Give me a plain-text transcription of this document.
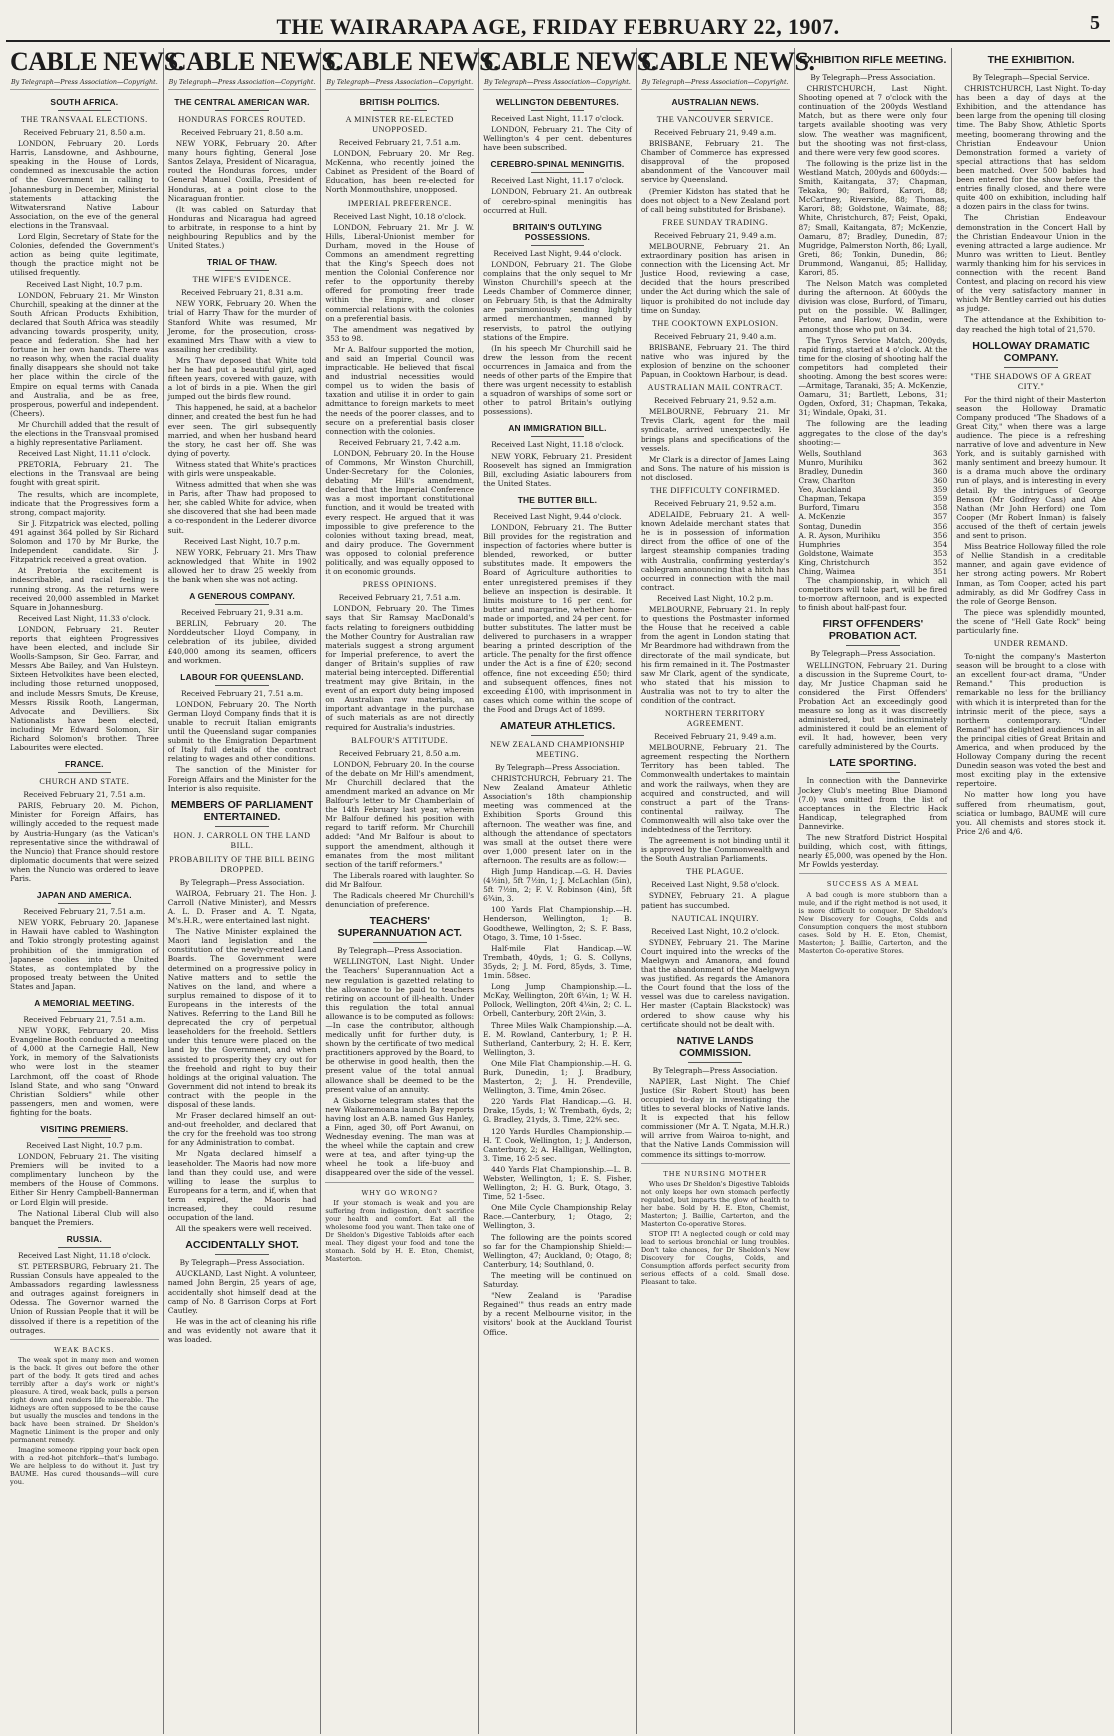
THE WAIRARAPA AGE, FRIDAY FEBRUARY 22, 1907.	5
CABLE NEWS.
By Telegraph—Press Association—Copyright.
SOUTH AFRICA.
THE TRANSVAAL ELECTIONS.
Received February 21, 8.50 a.m.

LONDON, February 20. Lords Harris, Lansdowne, and Ashbourne, speaking in the House of Lords, condemned as inexcusable the action of the Government in calling to Johannesburg in December, Ministerial statements attacking the Witwatersrand Native Labour Association, on the eve of the general elections in the Transvaal.

Lord Elgin, Secretary of State for the Colonies, defended the Government's action as being quite legitimate, though the practice might not be utilised frequently.

Received Last Night, 10.7 p.m.

LONDON, February 21. Mr Winston Churchill, speaking at the dinner at the South African Products Exhibition, declared that South Africa was steadily advancing towards prosperity, unity, peace and federation. She had her fortune in her own hands. There was no reason why, when the racial duality finally disappears she should not take her place within the circle of the Empire on equal terms with Canada and Australia, and be as free, prosperous, powerful and independent. (Cheers).

Mr Churchill added that the result of the elections in the Transvaal promised a highly representative Parliament.

Received Last Night, 11.11 o'clock.

PRETORIA, February 21. The elections in the Transvaal are being fought with great spirit.

The results, which are incomplete, indicate that the Progressives form a strong, compact majority.

Sir J. Fitzpatrick was elected, polling 491 against 364 polled by Sir Richard Solomon and 170 by Mr Burke, the Independent candidate. Sir J. Fitzpatrick received a great ovation.

At Pretoria the excitement is indescribable, and racial feeling is running strong. As the returns were received 20,000 assembled in Market Square in Johannesburg.

Received Last Night, 11.33 o'clock.

LONDON, February 21. Reuter reports that eighteen Progressives have been elected, and include Sir Woolls-Sampson, Sir Geo. Farrar, and Messrs Abe Bailey, and Van Hulsteyn. Sixteen Hetvolkites have been elected, including those returned unopposed, and include Messrs Smuts, De Kreuse, Messrs Rissik Rooth, Langerman, Advocate and Devilliers. Six Nationalists have been elected, including Mr Edward Solomon, Sir Richard Solomon's brother. Three Labourites were elected.

FRANCE.
CHURCH AND STATE.
Received February 21, 7.51 a.m.

PARIS, February 20. M. Pichon, Minister for Foreign Affairs, has willingly acceded to the request made by Austria-Hungary (as the Vatican's representative since the withdrawal of the Nuncio) that France should restore diplomatic documents that were seized when the Nuncio was ordered to leave Paris.

JAPAN AND AMERICA.
Received February 21, 7.51 a.m.

NEW YORK, February 20. Japanese in Hawaii have cabled to Washington and Tokio strongly protesting against prohibition of the immigration of Japanese coolies into the United States, as contemplated by the proposed treaty between the United States and Japan.

A MEMORIAL MEETING.
Received February 21, 7.51 a.m.

NEW YORK, February 20. Miss Evangeline Booth conducted a meeting of 4,000 at the Carnegie Hall, New York, in memory of the Salvationists who were lost in the steamer Larchmont, off the coast of Rhode Island State, and who sang "Onward Christian Soldiers" while other passengers, men and women, were fighting for the boats.

VISITING PREMIERS.
Received Last Night, 10.7 p.m.

LONDON, February 21. The visiting Premiers will be invited to a complimentary luncheon by the members of the House of Commons. Either Sir Henry Campbell-Bannerman or Lord Elgin will preside.

The National Liberal Club will also banquet the Premiers.

RUSSIA.
Received Last Night, 11.18 o'clock.

ST. PETERSBURG, February 21. The Russian Consuls have appealed to the Ambassadors regarding lawlessness and outrages against foreigners in Odessa. The Governor warned the Union of Russian People that it will be dissolved if there is a repetition of the outrages.

WEAK BACKS.

The weak spot in many men and women is the back. It gives out before the other part of the body. It gets tired and aches terribly after a day's work or night's pleasure. A tired, weak back, pulls a person right down and renders life miserable. The kidneys are often supposed to be the cause but usually the muscles and tendons in the back have been strained. Dr Sheldon's Magnetic Liniment is the proper and only permanent remedy.

Imagine someone ripping your back open with a red-hot pitchfork—that's lumbago. We are helpless to do without it. Just try BAUME. Has cured thousands—will cure you.

CABLE NEWS.
By Telegraph—Press Association—Copyright.
THE CENTRAL AMERICAN WAR.
HONDURAS FORCES ROUTED.
Received February 21, 8.50 a.m.

NEW YORK, February 20. After many hours fighting, General Jose Santos Zelaya, President of Nicaragua, routed the Honduras forces, under General Manuel Coxilla, President of Honduras, at a point close to the Nicaraguan frontier.

(It was cabled on Saturday that Honduras and Nicaragua had agreed to arbitrate, in response to a hint by neighbouring Republics and by the United States.)

TRIAL OF THAW.
THE WIFE'S EVIDENCE.
Received February 21, 8.31 a.m.

NEW YORK, February 20. When the trial of Harry Thaw for the murder of Stanford White was resumed, Mr Jerome, for the prosecution, cross-examined Mrs Thaw with a view to assailing her credibility.

Mrs Thaw deposed that White told her he had put a beautiful girl, aged fifteen years, covered with gauze, with a lot of birds in a pie. When the girl jumped out the birds flew round.

This happened, he said, at a bachelor dinner, and created the best fun he had ever seen. The girl subsequently married, and when her husband heard the story, he cast her off. She was dying of poverty.

Witness stated that White's practices with girls were unspeakable.

Witness admitted that when she was in Paris, after Thaw had proposed to her, she cabled White for advice, when she discovered that she had been made a co-respondent in the Lederer divorce suit.

Received Last Night, 10.7 p.m.

NEW YORK, February 21. Mrs Thaw acknowledged that White in 1902 allowed her to draw 25 weekly from the bank when she was not acting.

A GENEROUS COMPANY.
Received February 21, 9.31 a.m.

BERLIN, February 20. The Norddeutscher Lloyd Company, in celebration of its jubilee, divided £40,000 among its seamen, officers and workmen.

LABOUR FOR QUEENSLAND.
Received February 21, 7.51 a.m.

LONDON, February 20. The North German Lloyd Company finds that it is unable to recruit Italian emigrants until the Queensland sugar companies submit to the Emigration Department of Italy full details of the contract relating to wages and other conditions.

The sanction of the Minister for Foreign Affairs and the Minister for the Interior is also requisite.

MEMBERS OF PARLIAMENT ENTERTAINED.
HON. J. CARROLL ON THE LAND BILL.
PROBABILITY OF THE BILL BEING DROPPED.
By Telegraph—Press Association.

WAIROA, February 21. The Hon. J. Carroll (Native Minister), and Messrs A. L. D. Fraser and A. T. Ngata, M's.H.R., were entertained last night.

The Native Minister explained the Maori land legislation and the constitution of the newly-created Land Boards. The Government were determined on a progressive policy in Native matters and to settle the Natives on the land, and where a surplus remained to dispose of it to Europeans in the interests of the Natives. Referring to the Land Bill he deprecated the cry of perpetual leaseholders for the freehold. Settlers under this tenure were placed on the land by the Government, and when assisted to prosperity they cry out for the freehold and right to buy their holdings at the original valuation. The Government did not intend to break its contract with the people in the disposal of these lands.

Mr Fraser declared himself an out-and-out freeholder, and declared that the cry for the freehold was too strong for any Administration to combat.

Mr Ngata declared himself a leaseholder. The Maoris had now more land than they could use, and were willing to lease the surplus to Europeans for a term, and if, when that term expired, the Maoris had increased, they could resume occupation of the land.

All the speakers were well received.

ACCIDENTALLY SHOT.
By Telegraph—Press Association.

AUCKLAND, Last Night. A volunteer, named John Bergin, 25 years of age, accidentally shot himself dead at the camp of No. 8 Garrison Corps at Fort Cautley.

He was in the act of cleaning his rifle and was evidently not aware that it was loaded.

CABLE NEWS.
By Telegraph—Press Association—Copyright.
BRITISH POLITICS.
A MINISTER RE-ELECTED UNOPPOSED.
Received February 21, 7.51 a.m.

LONDON, February 20. Mr Reg. McKenna, who recently joined the Cabinet as President of the Board of Education, has been re-elected for North Monmouthshire, unopposed.

IMPERIAL PREFERENCE.
Received Last Night, 10.18 o'clock.

LONDON, February 21. Mr J. W. Hills, Liberal-Unionist member for Durham, moved in the House of Commons an amendment regretting that the King's Speech does not mention the Colonial Conference nor refer to the opportunity thereby offered for promoting freer trade within the Empire, and closer commercial relations with the colonies on a preferential basis.

The amendment was negatived by 353 to 98.

Mr A. Balfour supported the motion, and said an Imperial Council was impracticable. He believed that fiscal and industrial necessities would compel us to widen the basis of taxation and utilise it in order to gain admittance to foreign markets to meet the needs of the poorer classes, and to secure on a preferential basis closer connection with the colonies.

Received February 21, 7.42 a.m.

LONDON, February 20. In the House of Commons, Mr Winston Churchill, Under-Secretary for the Colonies, debating Mr Hill's amendment, declared that the Imperial Conference was a most important constitutional function, and it would be treated with every respect. He argued that it was impossible to give preference to the colonies without taxing bread, meat, and dairy produce. The Government was opposed to colonial preference politically, and was equally opposed to it on economic grounds.

PRESS OPINIONS.
Received February 21, 7.51 a.m.

LONDON, February 20. The Times says that Sir Ramsay MacDonald's facts relating to foreigners outbidding the Mother Country for Australian raw materials suggest a strong argument for Imperial preference, to avert the danger of Britain's supplies of raw material being intercepted. Differential treatment may give Britain, in the event of an export duty being imposed on Australian raw materials, an important advantage in the purchase of such materials as are not directly required for Australia's industries.

BALFOUR'S ATTITUDE.
Received February 21, 8.50 a.m.

LONDON, February 20. In the course of the debate on Mr Hill's amendment, Mr Churchill declared that the amendment marked an advance on Mr Balfour's letter to Mr Chamberlain of the 14th February last year, wherein Mr Balfour defined his position with regard to tariff reform. Mr Churchill added: "And Mr Balfour is about to support the amendment, although it emanates from the most militant section of the tariff reformers."

The Liberals roared with laughter. So did Mr Balfour.

The Radicals cheered Mr Churchill's denunciation of preference.

TEACHERS' SUPERANNUATION ACT.
By Telegraph—Press Association.

WELLINGTON, Last Night. Under the Teachers' Superannuation Act a new regulation is gazetted relating to the allowance to be paid to teachers retiring on account of ill-health. Under this regulation the total annual allowance is to be computed as follows:—In case the contributor, although medically unfit for further duty, is shown by the certificate of two medical practitioners approved by the Board, to be otherwise in good health, then the present value of the total annual allowance shall be deemed to be the present value of an annuity.

A Gisborne telegram states that the new Waikaremoana launch Bay reports having lost an A.B. named Gus Hanley, a Finn, aged 30, off Port Awanui, on Wednesday evening. The man was at the wheel while the captain and crew were at tea, and after tying-up the wheel he took a life-buoy and disappeared over the side of the vessel.

WHY GO WRONG?

If your stomach is weak and you are suffering from indigestion, don't sacrifice your health and comfort. Eat all the wholesome food you want. Then take one of Dr Sheldon's Digestive Tabloids after each meal. They digest your food and tone the stomach. Sold by H. E. Eton, Chemist, Masterton.

CABLE NEWS.
By Telegraph—Press Association—Copyright.
WELLINGTON DEBENTURES.
Received Last Night, 11.17 o'clock.

LONDON, February 21. The City of Wellington's 4 per cent. debentures have been subscribed.

CEREBRO-SPINAL MENINGITIS.
Received Last Night, 11.17 o'clock.

LONDON, February 21. An outbreak of cerebro-spinal meningitis has occurred at Hull.

BRITAIN'S OUTLYING POSSESSIONS.
Received Last Night, 9.44 o'clock.

LONDON, February 21. The Globe complains that the only sequel to Mr Winston Churchill's speech at the Leeds Chamber of Commerce dinner, on February 5th, is that the Admiralty are parsimoniously sending lightly armed merchantmen, manned by reservists, to patrol the outlying stations of the Empire.

(In his speech Mr Churchill said he drew the lesson from the recent occurrences in Jamaica and from the needs of other parts of the Empire that there was urgent necessity to establish a squadron of warships of some sort or other to patrol Britain's outlying possessions).

AN IMMIGRATION BILL.
Received Last Night, 11.18 o'clock.

NEW YORK, February 21. President Roosevelt has signed an Immigration Bill, excluding Asiatic labourers from the United States.

THE BUTTER BILL.
Received Last Night, 9.44 o'clock.

LONDON, February 21. The Butter Bill provides for the registration and inspection of factories where butter is blended, reworked, or butter substitutes made. It empowers the Board of Agriculture authorities to enter unregistered premises if they believe an inspection is desirable. It limits moisture to 16 per cent. for butter and margarine, whether home-made or imported, and 24 per cent. for butter substitutes. The latter must be delivered to purchasers in a wrapper bearing a printed description of the article. The penalty for the first offence under the Act is a fine of £20; second offence, fine not exceeding £50; third and subsequent offences, fines not exceeding £100, with imprisonment in cases which come within the scope of the Food and Drugs Act of 1899.

AMATEUR ATHLETICS.
NEW ZEALAND CHAMPIONSHIP MEETING.
By Telegraph—Press Association.

CHRISTCHURCH, February 21. The New Zealand Amateur Athletic Association's 18th championship meeting was commenced at the Exhibition Sports Ground this afternoon. The weather was fine, and although the attendance of spectators was small at the outset there were over 1,000 present later on in the afternoon. The results are as follow:—

High Jump Handicap.—G. H. Davies (4½in), 5ft 7½in, 1; J. McLachlan (5in), 5ft 7½in, 2; F. V. Robinson (4in), 5ft 6¾in, 3.

100 Yards Flat Championship.—H. Henderson, Wellington, 1; B. Goodthewe, Wellington, 2; S. F. Bass, Otago, 3. Time, 10 1-5sec.

Half-mile Flat Handicap.—W. Trembath, 40yds, 1; G. S. Collyns, 35yds, 2; J. M. Ford, 85yds, 3. Time, 1min. 58sec.

Long Jump Championship.—L. McKay, Wellington, 20ft 6¼in, 1; W. H. Pollock, Wellington, 20ft 4¼in, 2; C. L. Orbell, Canterbury, 20ft 2¼in, 3.

Three Miles Walk Championship.—A. E. M. Rowland, Canterbury, 1; P. H. Sutherland, Canterbury, 2; H. E. Kerr, Wellington, 3.

One Mile Flat Championship.—H. G. Burk, Dunedin, 1; J. Bradbury, Masterton, 2; J. H. Prendeville, Wellington, 3. Time, 4min 26sec.

220 Yards Flat Handicap.—G. H. Drake, 15yds, 1; W. Trembath, 6yds, 2; G. Bradley, 21yds, 3. Time, 22⅘ sec.

120 Yards Hurdles Championship.—H. T. Cook, Wellington, 1; J. Anderson, Canterbury, 2; A. Halligan, Wellington, 3. Time, 16 2-5 sec.

440 Yards Flat Championship.—L. B. Webster, Wellington, 1; E. S. Fisher, Wellington, 2; H. G. Burk, Otago, 3. Time, 52 1-5sec.

One Mile Cycle Championship Relay Race.—Canterbury, 1; Otago, 2; Wellington, 3.

The following are the points scored so far for the Championship Shield:—Wellington, 47; Auckland, 0; Otago, 8; Canterbury, 14; Southland, 0.

The meeting will be continued on Saturday.

"New Zealand is 'Paradise Regained'" thus reads an entry made by a recent Melbourne visitor, in the visitors' book at the Auckland Tourist Office.

CABLE NEWS.
By Telegraph—Press Association—Copyright.
AUSTRALIAN NEWS.
THE VANCOUVER SERVICE.
Received February 21, 9.49 a.m.

BRISBANE, February 21. The Chamber of Commerce has expressed disapproval of the proposed abandonment of the Vancouver mail service by Queensland.

(Premier Kidston has stated that he does not object to a New Zealand port of call being substituted for Brisbane).

FREE SUNDAY TRADING.
Received February 21, 9.49 a.m.

MELBOURNE, February 21. An extraordinary position has arisen in connection with the Licensing Act. Mr Justice Hood, reviewing a case, decided that the hours prescribed under the Act during which the sale of liquor is prohibited do not include day time on Sunday.

THE COOKTOWN EXPLOSION.
Received February 21, 9.40 a.m.

BRISBANE, February 21. The third native who was injured by the explosion of benzine on the schooner Papuan, in Cooktown Harbour, is dead.

AUSTRALIAN MAIL CONTRACT.
Received February 21, 9.52 a.m.

MELBOURNE, February 21. Mr Trevis Clark, agent for the mail syndicate, arrived unexpectedly. He brings plans and specifications of the vessels.

Mr Clark is a director of James Laing and Sons. The nature of his mission is not disclosed.

THE DIFFICULTY CONFIRMED.
Received February 21, 9.52 a.m.

ADELAIDE, February 21. A well-known Adelaide merchant states that he is in possession of information direct from the office of one of the largest steamship companies trading with Australia, confirming yesterday's cablegram announcing that a hitch has occurred in connection with the mail contract.

Received Last Night, 10.2 p.m.

MELBOURNE, February 21. In reply to questions the Postmaster informed the House that he received a cable from the agent in London stating that Mr Beardmore had withdrawn from the directorate of the mail syndicate, but his firm remained in it. The Postmaster saw Mr Clark, agent of the syndicate, who stated that his mission to Australia was not to try to alter the condition of the contract.

NORTHERN TERRITORY AGREEMENT.
Received February 21, 9.49 a.m.

MELBOURNE, February 21. The agreement respecting the Northern Territory has been tabled. The Commonwealth undertakes to maintain and work the railways, when they are acquired and constructed, and will construct a part of the Trans-continental railway. The Commonwealth will also take over the indebtedness of the Territory.

The agreement is not binding until it is approved by the Commonwealth and the South Australian Parliaments.

THE PLAGUE.
Received Last Night, 9.58 o'clock.

SYDNEY, February 21. A plague patient has succumbed.

NAUTICAL INQUIRY.
Received Last Night, 10.2 o'clock.

SYDNEY, February 21. The Marine Court inquired into the wrecks of the Maelgwyn and Amanora, and found that the abandonment of the Maelgwyn was justified. As regards the Amanora the Court found that the loss of the vessel was due to careless navigation. Her master (Captain Blackstock) was ordered to show cause why his certificate should not be dealt with.

NATIVE LANDS COMMISSION.
By Telegraph—Press Association.

NAPIER, Last Night. The Chief Justice (Sir Robert Stout) has been occupied to-day in investigating the titles to several blocks of Native lands. It is expected that his fellow commissioner (Mr A. T. Ngata, M.H.R.) will arrive from Wairoa to-night, and that the Native Lands Commission will commence its sittings to-morrow.

THE NURSING MOTHER

Who uses Dr Sheldon's Digestive Tabloids not only keeps her own stomach perfectly regulated, but imparts the glow of health to her babe. Sold by H. E. Eton, Chemist, Masterton; J. Baillie, Carterton, and the Masterton Co-operative Stores.

STOP IT! A neglected cough or cold may lead to serious bronchial or lung troubles. Don't take chances, for Dr Sheldon's New Discovery for Coughs, Colds, and Consumption affords perfect security from serious effects of a cold. Small dose. Pleasant to take.

EXHIBITION RIFLE MEETING.
By Telegraph—Press Association.

CHRISTCHURCH, Last Night. Shooting opened at 7 o'clock with the continuation of the 200yds Westland Match, but as there were only four targets available shooting was very slow. The weather was magnificent, but the shooting was not first-class, and there were very few good scores.

The following is the prize list in the Westland Match, 200yds and 600yds:—Smith, Kaitangata, 37; Chapman, Tekaka, 90; Balford, Karori, 88; McCartney, Riverside, 88; Thomas, Karori, 88; Goldstone, Waimate, 88; White, Christchurch, 87; Feist, Opaki, 87; Small, Kaitangata, 87; McKenzie, Oamaru, 87; Bradley, Dunedin, 87; Mugridge, Palmerston North, 86; Lyall, Greti, 86; Tonkin, Dunedin, 86; Drummond, Wanganui, 85; Halliday, Karori, 85.

The Nelson Match was completed during the afternoon. At 600yds the division was close, Burford, of Timaru, put on the possible. W. Ballinger, Petone, and Harlow, Dunedin, were amongst those who put on 34.

The Tyros Service Match, 200yds, rapid firing, started at 4 o'clock. At the time for the closing of shooting half the competitors had completed their shooting. Among the best scores were:—Armitage, Taranaki, 35; A. McKenzie, Oamaru, 31; Bartlett, Lebons, 31; Ogden, Oxford, 31; Chapman, Tekaka, 31; Windale, Opaki, 31.

The following are the leading aggregates to the close of the day's shooting:—

Wells, Southland	363
Munro, Murihiku	362
Bradley, Dunedin	360
Craw, Charlton	360
Yeo, Auckland	359
Chapman, Tekapa	359
Burford, Timaru	358
A. McKenzie	357
Sontag, Dunedin	356
A. R. Ayson, Murihiku	356
Humphries	354
Goldstone, Waimate	353
King, Christchurch	352
Ching, Waimea	351

The championship, in which all competitors will take part, will be fired to-morrow afternoon, and is expected to finish about half-past four.

FIRST OFFENDERS' PROBATION ACT.
By Telegraph—Press Association.

WELLINGTON, February 21. During a discussion in the Supreme Court, to-day, Mr Justice Chapman said he considered the First Offenders' Probation Act an exceedingly good measure so long as it was discreetly administered, but indiscriminately administered it could be an element of evil. It had, however, been very carefully administered by the Courts.

LATE SPORTING.

In connection with the Dannevirke Jockey Club's meeting Blue Diamond (7.0) was omitted from the list of acceptances in the Electric Hack Handicap, telegraphed from Dannevirke.

The new Stratford District Hospital building, which cost, with fittings, nearly £5,000, was opened by the Hon. Mr Fowlds yesterday.

SUCCESS AS A MEAL

A bad cough is more stubborn than a mule, and if the right method is not used, it is more difficult to conquer. Dr Sheldon's New Discovery for Coughs, Colds and Consumption conquers the most stubborn cases. Sold by H. E. Eton, Chemist, Masterton; J. Baillie, Carterton, and the Masterton Co-operative Stores.

THE EXHIBITION.
By Telegraph—Special Service.

CHRISTCHURCH, Last Night. To-day has been a day of days at the Exhibition, and the attendance has been large from the opening till closing time. The Baby Show, Athletic Sports meeting, boomerang throwing and the Christian Endeavour Union Demonstration formed a variety of special attractions that has seldom been matched. Over 500 babies had been entered for the show before the entries finally closed, and there were quite 400 on exhibition, including half a dozen pairs in the class for twins.

The Christian Endeavour demonstration in the Concert Hall by the Christian Endeavour Union in the evening attracted a large audience. Mr Munro was written to Lieut. Bentley warmly thanking him for his services in connection with the recent Band Contest, and placing on record his view of the very satisfactory manner in which Mr Bentley carried out his duties as judge.

The attendance at the Exhibition to-day reached the high total of 21,570.

HOLLOWAY DRAMATIC COMPANY.
"THE SHADOWS OF A GREAT CITY."

For the third night of their Masterton season the Holloway Dramatic Company produced "The Shadows of a Great City," when there was a large audience. The piece is a refreshing narrative of love and adventure in New York, and is suitably garnished with manly sentiment and breezy humour. It is a drama much above the ordinary run of plays, and is interesting in every detail. By the intrigues of George Benson (Mr Godfrey Cass) and Abe Nathan (Mr John Herford) one Tom Cooper (Mr Robert Inman) is falsely accused of the theft of certain jewels and sent to prison.

Miss Beatrice Holloway filled the role of Nellie Standish in a creditable manner, and again gave evidence of her strong acting powers. Mr Robert Inman, as Tom Cooper, acted his part admirably, as did Mr Godfrey Cass in the role of George Benson.

The piece was splendidly mounted, the scene of "Hell Gate Rock" being particularly fine.

UNDER REMAND.

To-night the company's Masterton season will be brought to a close with an excellent four-act drama, "Under Remand." This production is remarkable no less for the brilliancy with which it is interpreted than for the intrinsic merit of the piece, says a northern contemporary. "Under Remand" has delighted audiences in all the principal cities of Great Britain and America, and when produced by the Holloway Company during the recent Dunedin season was voted the best and most exciting play in the extensive repertoire.

No matter how long you have suffered from rheumatism, gout, sciatica or lumbago, BAUME will cure you. All chemists and stores stock it. Price 2/6 and 4/6.
